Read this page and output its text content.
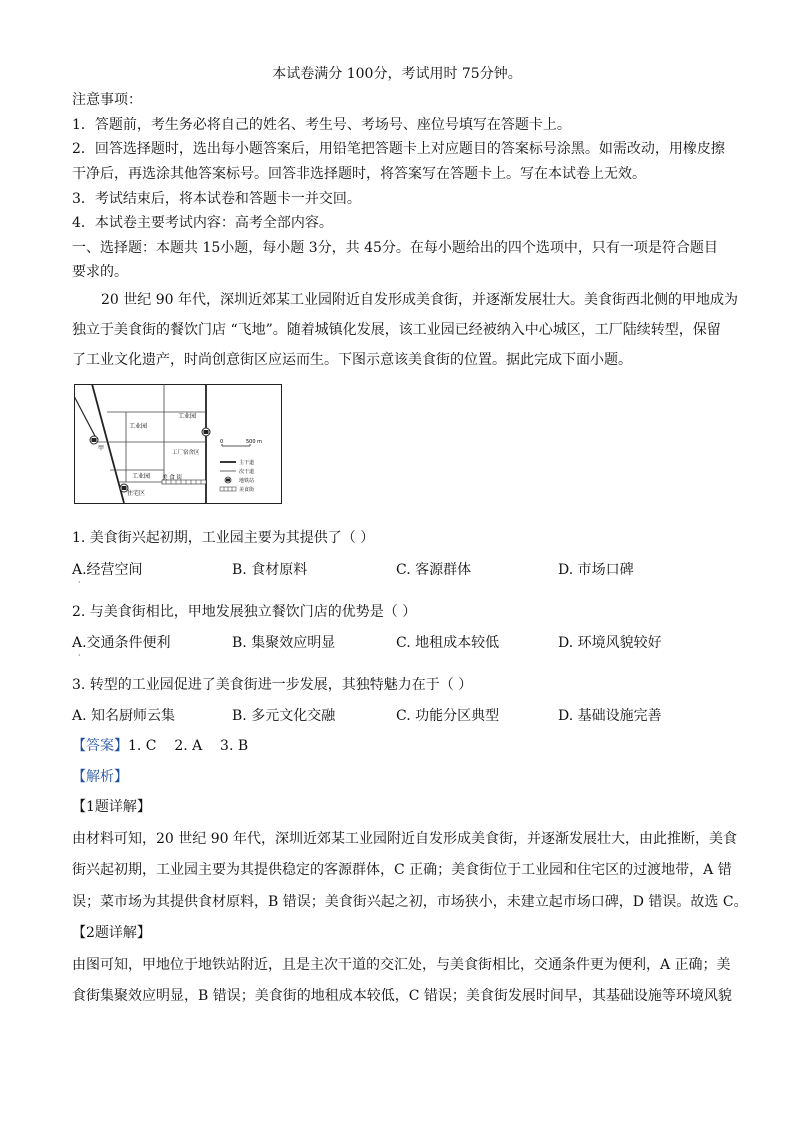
本试卷满分 100分，考试用时 75分钟。
注意事项：
1．答题前，考生务必将自己的姓名、考生号、考场号、座位号填写在答题卡上。
2．回答选择题时，选出每小题答案后，用铅笔把答题卡上对应题目的答案标号涂黑。如需改动，用橡皮擦
干净后，再选涂其他答案标号。回答非选择题时，将答案写在答题卡上。写在本试卷上无效。
3．考试结束后，将本试卷和答题卡一并交回。
4．本试卷主要考试内容：高考全部内容。
一、选择题：本题共 15小题，每小题 3分，共 45分。在每小题给出的四个选项中，只有一项是符合题目
要求的。
20 世纪 90 年代，深圳近郊某工业园附近自发形成美食街，并逐渐发展壮大。美食街西北侧的甲地成为
独立于美食街的餐饮门店 “飞地”。随着城镇化发展，该工业园已经被纳入中心城区，工厂陆续转型，保留
了工业文化遗产，时尚创意街区应运而生。下图示意该美食街的位置。据此完成下面小题。
工业园
工业园
工厂宿舍区
甲
工业园
住宅区
美 食 街
0	500 m
主干道
次干道
地铁站
美食街
1. 美食街兴起初期，工业园主要为其提供了（ ）
A.经营空间	B. 食材原料	C. 客源群体	D. 市场口碑
·
2. 与美食街相比，甲地发展独立餐饮门店的优势是（ ）
A.交通条件便利	B. 集聚效应明显	C. 地租成本较低	D. 环境风貌较好
·
3. 转型的工业园促进了美食街进一步发展，其独特魅力在于（ ）
A. 知名厨师云集	B. 多元文化交融	C. 功能分区典型	D. 基础设施完善
【答案】1. C    2. A    3. B
【解析】
【1题详解】
由材料可知，20 世纪 90 年代，深圳近郊某工业园附近自发形成美食街，并逐渐发展壮大，由此推断，美食
街兴起初期，工业园主要为其提供稳定的客源群体，C 正确；美食街位于工业园和住宅区的过渡地带，A 错
误；菜市场为其提供食材原料，B 错误；美食街兴起之初，市场狭小，未建立起市场口碑，D 错误。故选 C。
【2题详解】
由图可知，甲地位于地铁站附近，且是主次干道的交汇处，与美食街相比，交通条件更为便利，A 正确；美
食街集聚效应明显，B 错误；美食街的地租成本较低，C 错误；美食街发展时间早，其基础设施等环境风貌
